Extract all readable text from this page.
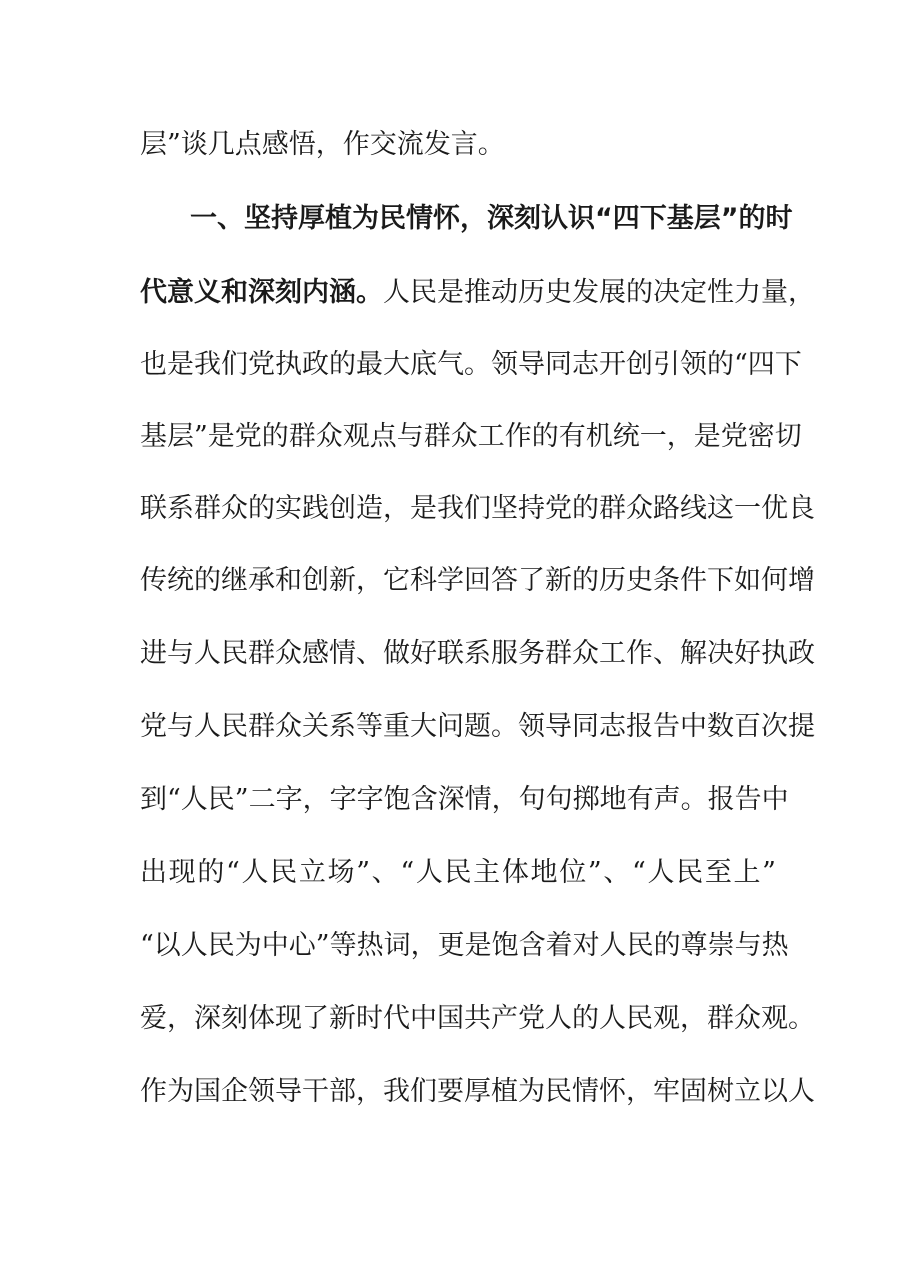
层”谈几点感悟，作交流发言。
一、坚持厚植为民情怀，深刻认识“四下基层”的时
代意义和深刻内涵。人民是推动历史发展的决定性力量，
也是我们党执政的最大底气。领导同志开创引领的“四下
基层”是党的群众观点与群众工作的有机统一，是党密切
联系群众的实践创造，是我们坚持党的群众路线这一优良
传统的继承和创新，它科学回答了新的历史条件下如何增
进与人民群众感情、做好联系服务群众工作、解决好执政
党与人民群众关系等重大问题。领导同志报告中数百次提
到“人民”二字，字字饱含深情，句句掷地有声。报告中
出现的“人民立场”、“人民主体地位”、“人民至上”
“以人民为中心”等热词，更是饱含着对人民的尊崇与热
爱，深刻体现了新时代中国共产党人的人民观，群众观。
作为国企领导干部，我们要厚植为民情怀，牢固树立以人
